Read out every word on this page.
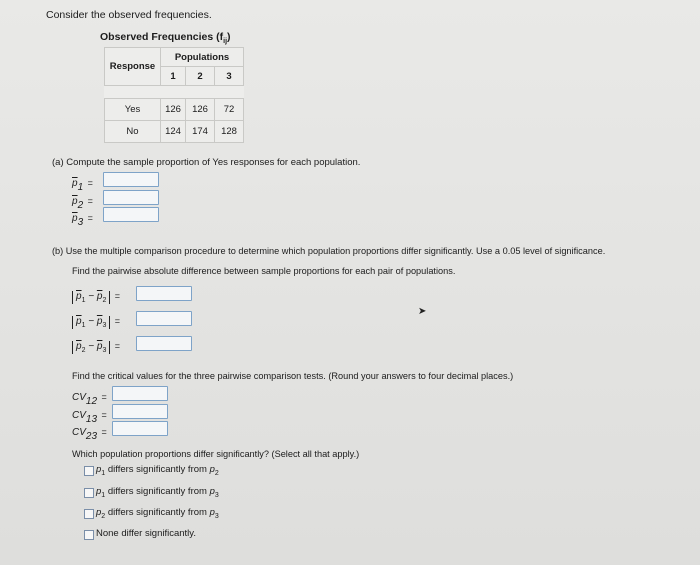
Consider the observed frequencies.
Observed Frequencies $(f_{ij})$
Response	Populations		
	1	2	3

Yes	126	126	72
No	124	174	128
(a) Compute the sample proportion of Yes responses for each population.
$\overline{p}_1$ =
$\overline{p}_2$ =
$\overline{p}_3$ =
(b) Use the multiple comparison procedure to determine which population proportions differ significantly. Use a 0.05 level of significance.
Find the pairwise absolute difference between sample proportions for each pair of populations.
$\overline{p}_1 - \overline{p}_2$ =
$\overline{p}_1 - \overline{p}_3$ =
$\overline{p}_2 - \overline{p}_3$ =
➤
Find the critical values for the three pairwise comparison tests. (Round your answers to four decimal places.)
$CV_{12}$ =
$CV_{13}$ =
$CV_{23}$ =
Which population proportions differ significantly? (Select all that apply.)
$p_1$ differs significantly from $p_2$
$p_1$ differs significantly from $p_3$
$p_2$ differs significantly from $p_3$
None differ significantly.
